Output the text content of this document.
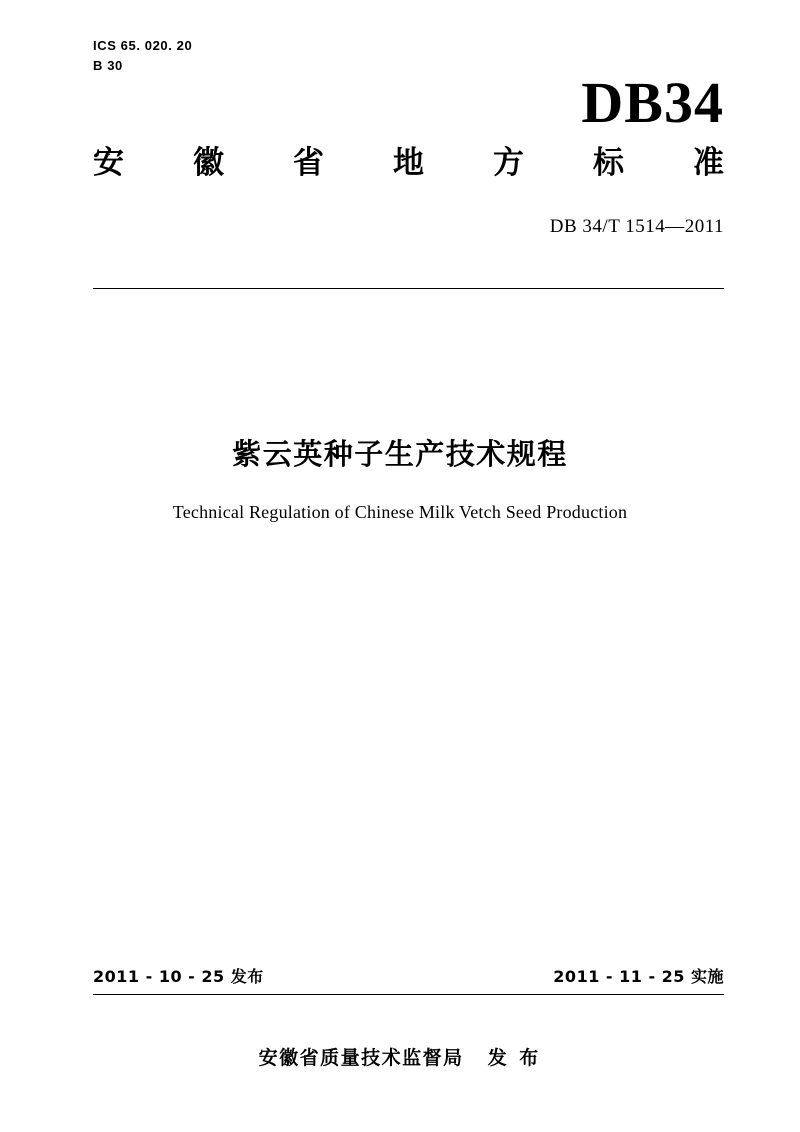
ICS 65. 020. 20
B 30
DB34
安 徽 省 地 方 标 准
DB 34/T 1514—2011
紫云英种子生产技术规程
Technical Regulation of Chinese Milk Vetch Seed Production
2011 - 10 - 25 发布	2011 - 11 - 25 实施
安徽省质量技术监督局 发 布
